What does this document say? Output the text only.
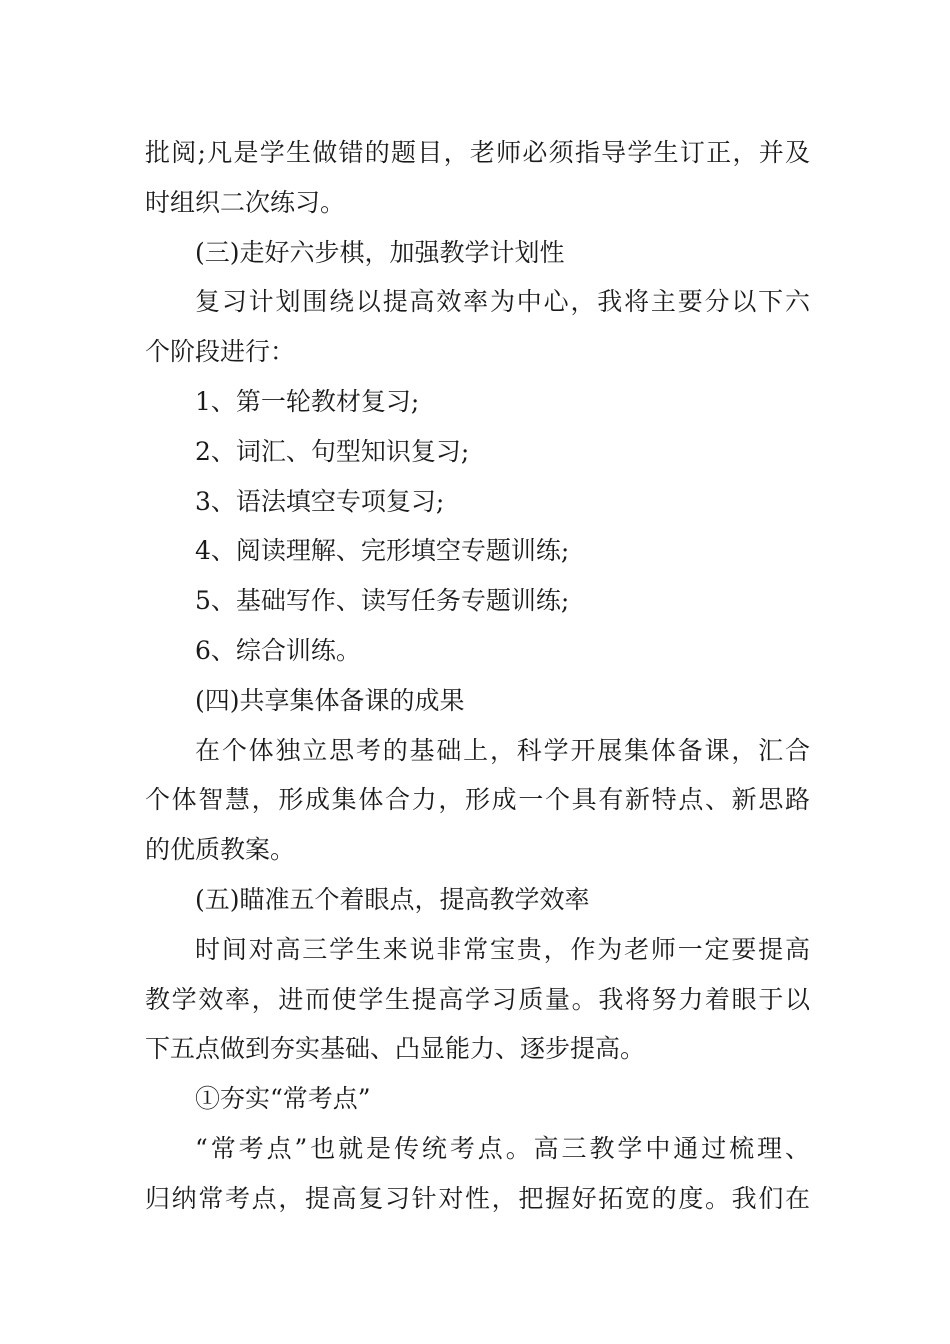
批阅;凡是学生做错的题目，老师必须指导学生订正，并及
时组织二次练习。
(三)走好六步棋，加强教学计划性
复习计划围绕以提高效率为中心，我将主要分以下六
个阶段进行：
1、第一轮教材复习;
2、词汇、句型知识复习;
3、语法填空专项复习;
4、阅读理解、完形填空专题训练;
5、基础写作、读写任务专题训练;
6、综合训练。
(四)共享集体备课的成果
在个体独立思考的基础上，科学开展集体备课，汇合
个体智慧，形成集体合力，形成一个具有新特点、新思路
的优质教案。
(五)瞄准五个着眼点，提高教学效率
时间对高三学生来说非常宝贵，作为老师一定要提高
教学效率，进而使学生提高学习质量。我将努力着眼于以
下五点做到夯实基础、凸显能力、逐步提高。
①夯实“常考点”
“常考点”也就是传统考点。高三教学中通过梳理、
归纳常考点，提高复习针对性，把握好拓宽的度。我们在
